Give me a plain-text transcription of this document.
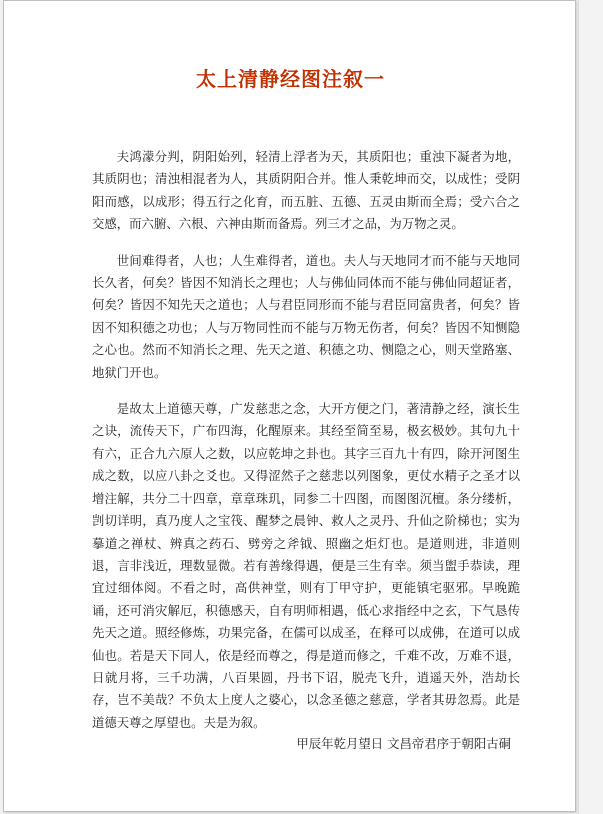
太上清静经图注叙一

夫鸿濛分判，阴阳始列，轻清上浮者为天，其质阳也；重浊下凝者为地，其质阴也；清浊相混者为人，其质阴阳合并。惟人秉乾坤而交，以成性；受阴阳而感，以成形；得五行之化育，而五脏、五德、五灵由斯而全焉；受六合之交感，而六腑、六根、六神由斯而备焉。列三才之品，为万物之灵。

世间难得者，人也；人生难得者，道也。夫人与天地同才而不能与天地同长久者，何矣？皆因不知消长之理也；人与佛仙同体而不能与佛仙同超证者，何矣？皆因不知先天之道也；人与君臣同形而不能与君臣同富贵者，何矣？皆因不知积德之功也；人与万物同性而不能与万物无伤者，何矣？皆因不知恻隐之心也。然而不知消长之理、先天之道、积德之功、恻隐之心，则天堂路塞、地狱门开也。

是故太上道德天尊，广发慈悲之念，大开方便之门，著清静之经，演长生之诀，流传天下，广布四海，化醒原来。其经至简至易，极玄极妙。其句九十有六，正合九六原人之数，以应乾坤之卦也。其字三百九十有四，除开河图生成之数，以应八卦之爻也。又得涩然子之慈悲以列图象，更仗水精子之圣才以增注解，共分二十四章，章章珠玑，同参二十四图，而图图沉檀。条分缕析，剀切详明，真乃度人之宝筏、醒梦之晨钟、救人之灵丹、升仙之阶梯也；实为摹道之禅杖、辨真之药石、劈旁之斧钺、照幽之炬灯也。是道则进，非道则退，言非浅近，理数显微。若有善缘得遇，便是三生有幸。须当盥手恭读，理宜过细体阅。不看之时，高供神堂，则有丁甲守护，更能镇宅驱邪。早晚跪诵，还可消灾解厄，积德感天，自有明师相遇，低心求指经中之玄，下气恳传先天之道。照经修炼，功果完备，在儒可以成圣，在释可以成佛，在道可以成仙也。若是天下同人，依是经而尊之，得是道而修之，千难不改，万难不退，日就月将，三千功满，八百果圆，丹书下诏，脱壳飞升，逍遥天外，浩劫长存，岂不美哉？不负太上度人之婆心，以念圣德之慈意，学者其毋忽焉。此是道德天尊之厚望也。夫是为叙。

甲辰年乾月望日 文昌帝君序于朝阳古硐
